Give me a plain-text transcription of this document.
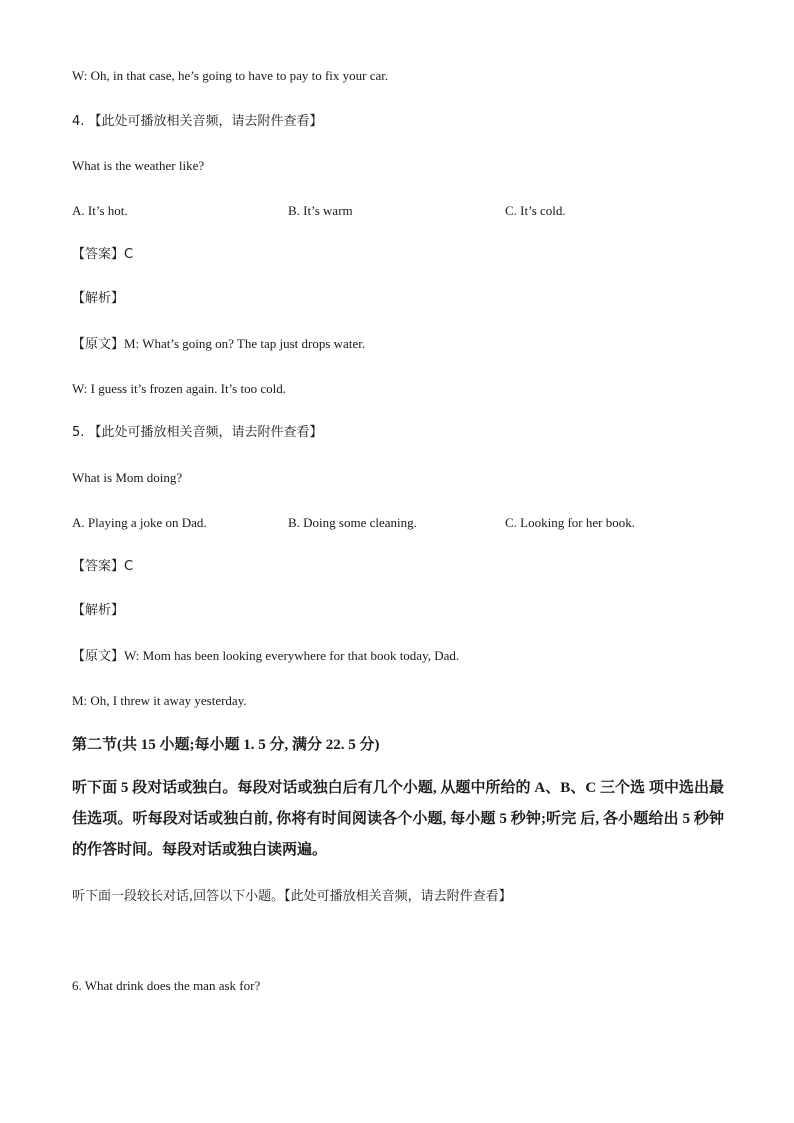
W: Oh, in that case, he’s going to have to pay to fix your car.
4. 【此处可播放相关音频，请去附件查看】
What is the weather like?
A. It’s hot.	B. It’s warm	C. It’s cold.
【答案】C
【解析】
【原文】M: What’s going on? The tap just drops water.
W: I guess it’s frozen again. It’s too cold.
5. 【此处可播放相关音频，请去附件查看】
What is Mom doing?
A. Playing a joke on Dad.	B. Doing some cleaning.	C. Looking for her book.
【答案】C
【解析】
【原文】W: Mom has been looking everywhere for that book today, Dad.
M: Oh, I threw it away yesterday.
第二节(共 15 小题;每小题 1. 5 分, 满分 22. 5 分)
听下面 5 段对话或独白。每段对话或独白后有几个小题, 从题中所给的 A、B、C 三个选 项中选出最佳选项。听每段对话或独白前, 你将有时间阅读各个小题, 每小题 5 秒钟;听完 后, 各小题给出 5 秒钟的作答时间。每段对话或独白读两遍。
听下面一段较长对话,回答以下小题。【此处可播放相关音频，请去附件查看】
6. What drink does the man ask for?
